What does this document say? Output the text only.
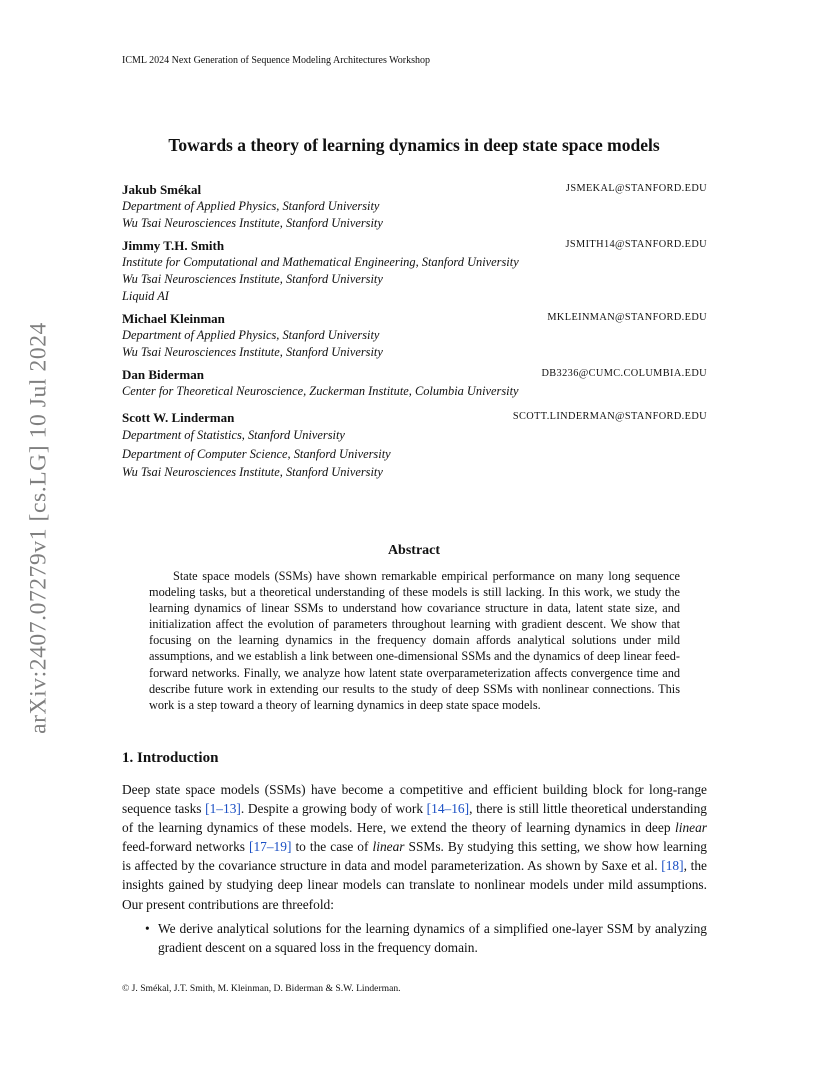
ICML 2024 Next Generation of Sequence Modeling Architectures Workshop
arXiv:2407.07279v1 [cs.LG] 10 Jul 2024
Towards a theory of learning dynamics in deep state space models
Jakub Smékal	JSMEKAL@STANFORD.EDU
Department of Applied Physics, Stanford University
Wu Tsai Neurosciences Institute, Stanford University
Jimmy T.H. Smith	JSMITH14@STANFORD.EDU
Institute for Computational and Mathematical Engineering, Stanford University
Wu Tsai Neurosciences Institute, Stanford University
Liquid AI
Michael Kleinman	MKLEINMAN@STANFORD.EDU
Department of Applied Physics, Stanford University
Wu Tsai Neurosciences Institute, Stanford University
Dan Biderman	DB3236@CUMC.COLUMBIA.EDU
Center for Theoretical Neuroscience, Zuckerman Institute, Columbia University
Scott W. Linderman	SCOTT.LINDERMAN@STANFORD.EDU
Department of Statistics, Stanford University
Department of Computer Science, Stanford University
Wu Tsai Neurosciences Institute, Stanford University
Abstract
State space models (SSMs) have shown remarkable empirical performance on many long sequence modeling tasks, but a theoretical understanding of these models is still lacking. In this work, we study the learning dynamics of linear SSMs to understand how covariance structure in data, latent state size, and initialization affect the evolution of parameters throughout learning with gradient descent. We show that focusing on the learning dynamics in the frequency domain affords analytical solutions under mild assumptions, and we establish a link between one-dimensional SSMs and the dynamics of deep linear feed-forward networks. Finally, we analyze how latent state overparameterization affects convergence time and describe future work in extending our results to the study of deep SSMs with nonlinear connections. This work is a step toward a theory of learning dynamics in deep state space models.
1. Introduction
Deep state space models (SSMs) have become a competitive and efficient building block for long-range sequence tasks [1–13]. Despite a growing body of work [14–16], there is still little theoretical understanding of the learning dynamics of these models. Here, we extend the theory of learning dynamics in deep linear feed-forward networks [17–19] to the case of linear SSMs. By studying this setting, we show how learning is affected by the covariance structure in data and model parameterization. As shown by Saxe et al. [18], the insights gained by studying deep linear models can translate to nonlinear models under mild assumptions. Our present contributions are threefold:
• We derive analytical solutions for the learning dynamics of a simplified one-layer SSM by analyzing gradient descent on a squared loss in the frequency domain.
© J. Smékal, J.T. Smith, M. Kleinman, D. Biderman & S.W. Linderman.
